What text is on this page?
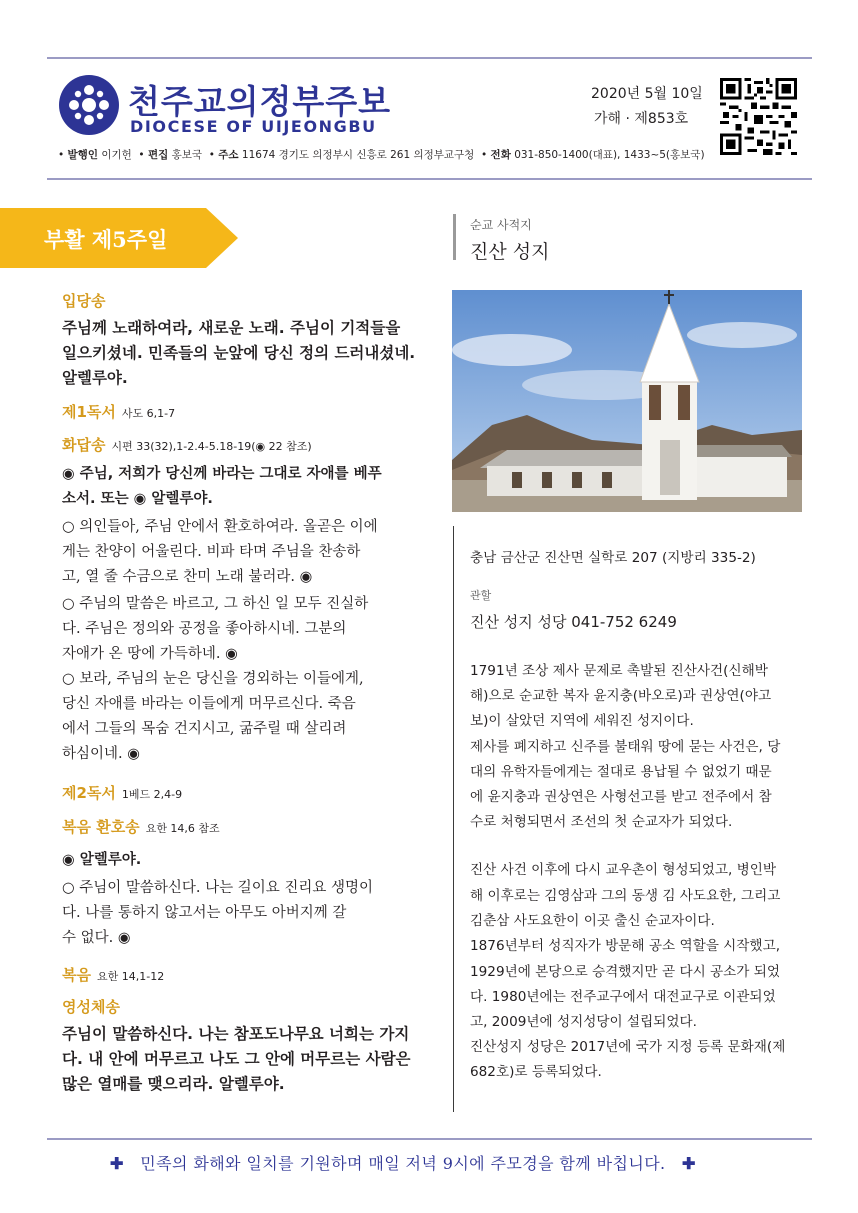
천주교의정부주보
DIOCESE OF UIJEONGBU
2020년 5월 10일
가해 · 제853호
• 발행인 이기헌  • 편집 홍보국  • 주소 11674 경기도 의정부시 신흥로 261 의정부교구청  • 전화 031-850-1400(대표), 1433~5(홍보국)
부활 제5주일
입당송
주님께 노래하여라, 새로운 노래. 주님이 기적들을
일으키셨네. 민족들의 눈앞에 당신 정의 드러내셨네.
알렐루야.
제1독서 사도 6,1-7
화답송 시편 33(32),1-2.4-5.18-19(◉ 22 참조)
◉ 주님, 저희가 당신께 바라는 그대로 자애를 베푸
소서. 또는 ◉ 알렐루야.
○ 의인들아, 주님 안에서 환호하여라. 올곧은 이에
게는 찬양이 어울린다. 비파 타며 주님을 찬송하
고, 열 줄 수금으로 찬미 노래 불러라. ◉
○ 주님의 말씀은 바르고, 그 하신 일 모두 진실하
다. 주님은 정의와 공정을 좋아하시네. 그분의
자애가 온 땅에 가득하네. ◉
○ 보라, 주님의 눈은 당신을 경외하는 이들에게,
당신 자애를 바라는 이들에게 머무르신다. 죽음
에서 그들의 목숨 건지시고, 굶주릴 때 살리려
하심이네. ◉
제2독서 1베드 2,4-9
복음 환호송 요한 14,6 참조
◉ 알렐루야.
○ 주님이 말씀하신다. 나는 길이요 진리요 생명이
다. 나를 통하지 않고서는 아무도 아버지께 갈
수 없다. ◉
복음 요한 14,1-12
영성체송
주님이 말씀하신다. 나는 참포도나무요 너희는 가지
다. 내 안에 머무르고 나도 그 안에 머무르는 사람은
많은 열매를 맺으리라. 알렐루야.
순교 사적지
진산 성지
충남 금산군 진산면 실학로 207 (지방리 335-2)
관할
진산 성지 성당 041-752 6249
1791년 조상 제사 문제로 촉발된 진산사건(신해박
해)으로 순교한 복자 윤지충(바오로)과 권상연(야고
보)이 살았던 지역에 세워진 성지이다.
제사를 폐지하고 신주를 불태워 땅에 묻는 사건은, 당
대의 유학자들에게는 절대로 용납될 수 없었기 때문
에 윤지충과 권상연은 사형선고를 받고 전주에서 참
수로 처형되면서 조선의 첫 순교자가 되었다.
진산 사건 이후에 다시 교우촌이 형성되었고, 병인박
해 이후로는 김영삼과 그의 동생 김 사도요한, 그리고
김춘삼 사도요한이 이곳 출신 순교자이다.
1876년부터 성직자가 방문해 공소 역할을 시작했고,
1929년에 본당으로 승격했지만 곧 다시 공소가 되었
다. 1980년에는 전주교구에서 대전교구로 이관되었
고, 2009년에 성지성당이 설립되었다.
진산성지 성당은 2017년에 국가 지정 등록 문화재(제
682호)로 등록되었다.
✚ 민족의 화해와 일치를 기원하며 매일 저녁 9시에 주모경을 함께 바칩니다. ✚
